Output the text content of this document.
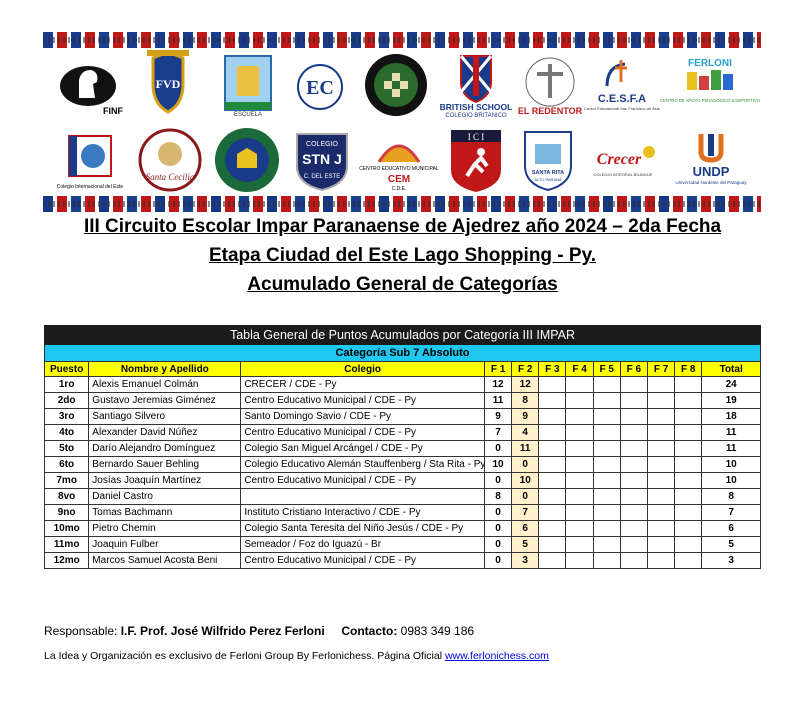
FINF
FVD
ESCUELA
EC
BRITISH SCHOOL
COLEGIO BRITANICO EL REDENTOR
C.E.S.F.A
Centro Educacional San Francisco de Asís
FERLONI
CENTRO DE APOYO PEDAGÓGICO & DEPORTIVO
Colegio Internacional del Este
Santa Cecilia
COLEGIO
STN J
C. DEL ESTE
CENTRO EDUCATIVO MUNICIPAL
CEM
C.D.E.
I C I
SANTA RITA
ALTO PARANÁ
Crecer
COLEGIO INTEGRAL BILINGÜE	UNDP
Universidad Nordeste del Paraguay
III Circuito Escolar Impar Paranaense de Ajedrez año 2024 – 2da Fecha
Etapa Ciudad del Este Lago Shopping - Py.
Acumulado General de Categorías
Tabla General de Puntos Acumulados por Categoría III IMPAR											
Categoría Sub 7 Absoluto											
Puesto	Nombre y Apellido	Colegio	F 1	F 2	F 3	F 4	F 5	F 6	F 7	F 8	Total
1ro	Alexis Emanuel Colmán	CRECER / CDE - Py	12	12							24
2do	Gustavo Jeremias Giménez	Centro Educativo Municipal / CDE - Py	11	8							19
3ro	Santiago Silvero	Santo Domingo Savio / CDE - Py	9	9							18
4to	Alexander David Núñez	Centro Educativo Municipal / CDE - Py	7	4							11
5to	Darío Alejandro Domínguez	Colegio San Miguel Arcángel / CDE - Py	0	11							11
6to	Bernardo Sauer Behling	Colegio Educativo Alemán Stauffenberg / Sta Rita - Py	10	0							10
7mo	Josías Joaquín Martínez	Centro Educativo Municipal / CDE - Py	0	10							10
8vo	Daniel Castro		8	0							8
9no	Tomas Bachmann	Instituto Cristiano Interactivo / CDE - Py	0	7							7
10mo	Pietro Chemin	Colegio Santa Teresita del Niño Jesús / CDE - Py	0	6							6
11mo	Joaquin Fulber	Semeador / Foz do Iguazú - Br	0	5							5
12mo	Marcos Samuel Acosta Beni	Centro Educativo Municipal / CDE - Py	0	3							3
Responsable: I.F. Prof. José Wilfrido Perez Ferloni Contacto: 0983 349 186
La Idea y Organización es exclusivo de Ferloni Group By Ferlonichess. Página Oficial www.ferlonichess.com
